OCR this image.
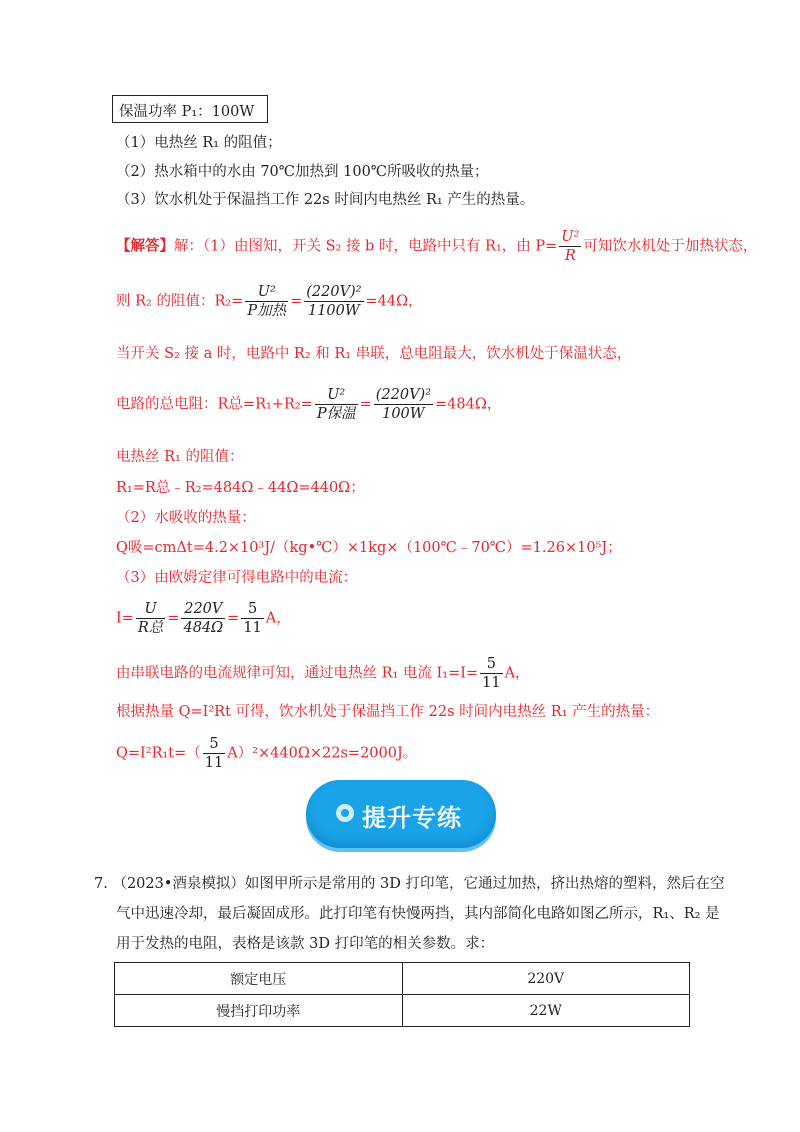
保温功率 P₁：100W
（1）电热丝 R₁ 的阻值；
（2）热水箱中的水由 70℃加热到 100℃所吸收的热量；
（3）饮水机处于保温挡工作 22s 时间内电热丝 R₁ 产生的热量。
【解答】解：（1）由图知，开关 S₂ 接 b 时，电路中只有 R₁，由 $P= \frac{\text{U²}}{R}$ 可知饮水机处于加热状态，
则 R₂ 的阻值：$R_2= \frac{\text{U²}}{\text{P加热}} = \frac{\text{(220V)²}}{1100W} =44\Omega$，
当开关 S₂ 接 a 时，电路中 R₂ 和 R₁ 串联，总电阻最大，饮水机处于保温状态，
电路的总电阻：R总$=R_1+R_2= \frac{\text{U²}}{\text{P保温}} = \frac{\text{(220V)²}}{100W} =484\Omega$，
电热丝 R₁ 的阻值：
R₁=R总﹣R₂=484Ω﹣44Ω=440Ω；
（2）水吸收的热量：
Q吸=cmΔt=4.2×10³J/（kg•℃）×1kg×（100℃﹣70℃）=1.26×10⁵J；
（3）由欧姆定律可得电路中的电流：
$I= \frac{U}{\text{R总}} = \frac{220V}{484\Omega} = \frac{5}{11}$ A，
由串联电路的电流规律可知，通过电热丝 R₁ 电流 $I_1=I= \frac{5}{11}$ A，
根据热量 Q=I²Rt 可得，饮水机处于保温挡工作 22s 时间内电热丝 R₁ 产生的热量：
$Q=I^2R_1t=( \frac{5}{11} A)^2\times 440\Omega\times 22s=2000J$。
提升专练
7. （2023•酒泉模拟）如图甲所示是常用的 3D 打印笔，它通过加热，挤出热熔的塑料，然后在空
气中迅速冷却，最后凝固成形。此打印笔有快慢两挡，其内部简化电路如图乙所示，R₁、R₂ 是
用于发热的电阻，表格是该款 3D 打印笔的相关参数。求：
额定电压	220V
慢挡打印功率	22W
